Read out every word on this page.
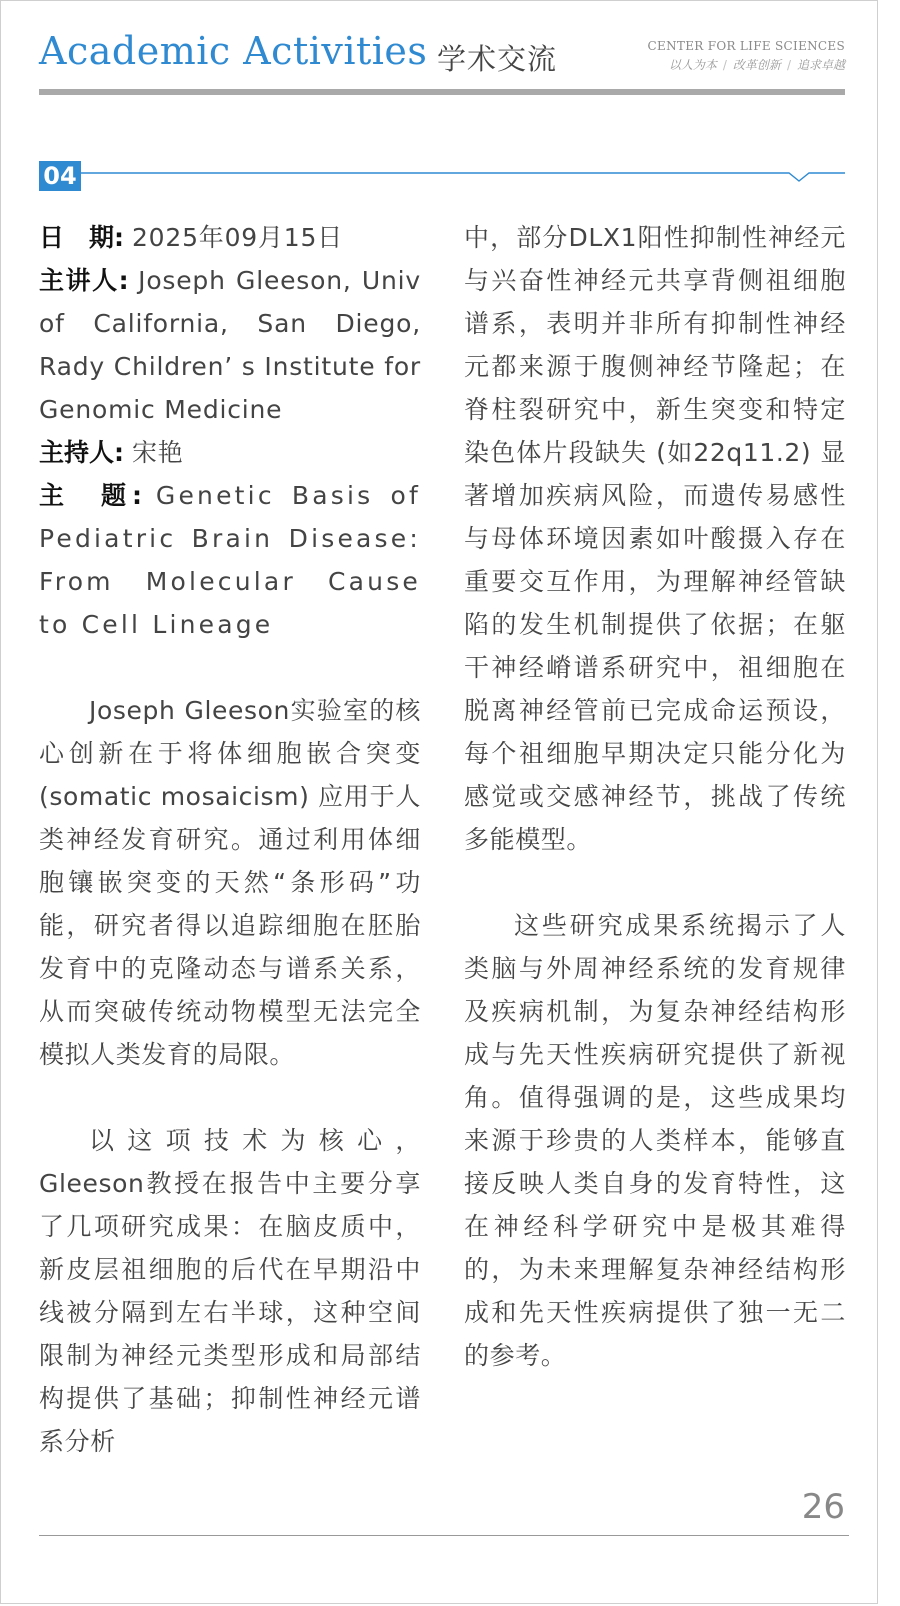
Academic Activities 学术交流	CENTER FOR LIFE SCIENCES
以人为本 / 改革创新 / 追求卓越
04

日　期: 2025年09月15日

主讲人: Joseph Gleeson, Univ of California, San Diego, Rady Children’ s Institute for Genomic Medicine

主持人: 宋艳

主　题: Genetic Basis of Pediatric Brain Disease: From Molecular Cause to Cell Lineage

Joseph Gleeson实验室的核心创新在于将体细胞嵌合突变 (somatic mosaicism) 应用于人类神经发育研究。通过利用体细胞镶嵌突变的天然“条形码”功能，研究者得以追踪细胞在胚胎发育中的克隆动态与谱系关系，从而突破传统动物模型无法完全模拟人类发育的局限。

以这项技术为核心，Gleeson教授在报告中主要分享了几项研究成果：在脑皮质中，新皮层祖细胞的后代在早期沿中线被分隔到左右半球，这种空间限制为神经元类型形成和局部结构提供了基础；抑制性神经元谱系分析

中，部分DLX1阳性抑制性神经元与兴奋性神经元共享背侧祖细胞谱系，表明并非所有抑制性神经元都来源于腹侧神经节隆起；在脊柱裂研究中，新生突变和特定染色体片段缺失 (如22q11.2) 显著增加疾病风险，而遗传易感性与母体环境因素如叶酸摄入存在重要交互作用，为理解神经管缺陷的发生机制提供了依据；在躯干神经嵴谱系研究中，祖细胞在脱离神经管前已完成命运预设，每个祖细胞早期决定只能分化为感觉或交感神经节，挑战了传统多能模型。

这些研究成果系统揭示了人类脑与外周神经系统的发育规律及疾病机制，为复杂神经结构形成与先天性疾病研究提供了新视角。值得强调的是，这些成果均来源于珍贵的人类样本，能够直接反映人类自身的发育特性，这在神经科学研究中是极其难得的，为未来理解复杂神经结构形成和先天性疾病提供了独一无二的参考。

26
